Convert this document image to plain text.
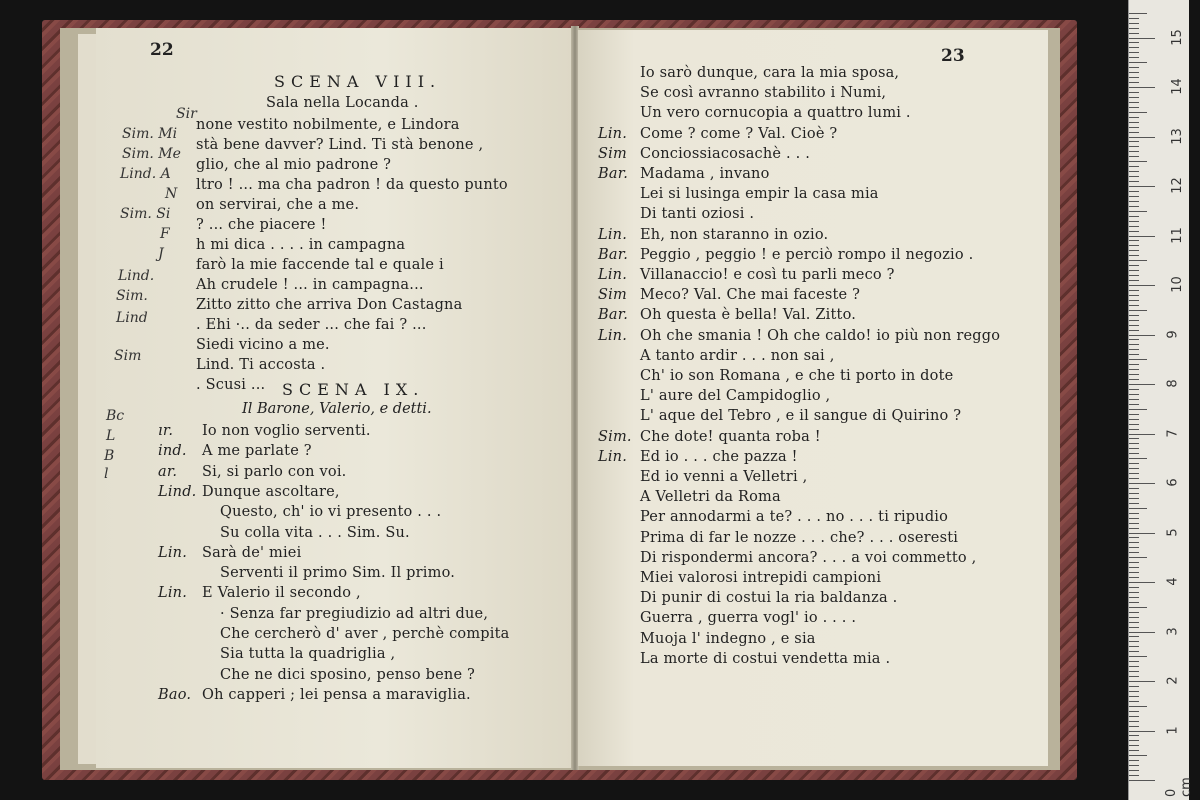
22
SCENA VIII.
Sala nella Locanda .
none vestito nobilmente, e Lindora
stà bene davver? Lind. Ti stà benone ,
glio, che al mio padrone ?
ltro ! ... ma cha padron ! da questo punto
on servirai, che a me.
? ... che piacere !
h mi dica . . . . in campagna
farò la mie faccende tal e quale i
Ah crudele ! ... in campagna...
Zitto zitto che arriva Don Castagna
. Ehi ·.. da seder ... che fai ? ...
Siedi vicino a me.
Lind. Ti accosta .
. Scusi ... SCENA IX.
Il Barone, Valerio, e detti.
ır. Io non voglio serventi.
ind. A me parlate ?
ar. Si, si parlo con voi.
Lind. Dunque ascoltare,
Questo, ch' io vi presento . . .
Su colla vita . . . Sim. Su.
Lin. Sarà de' miei
Serventi il primo Sim. Il primo.
Lin. E Valerio il secondo ,
· Senza far pregiudizio ad altri due,
Che cercherò d' aver , perchè compita
Sia tutta la quadriglia ,
Che ne dici sposino, penso bene ?
Bao. Oh capperi ; lei pensa a maraviglia.
Sir
Sim. Mi
Sim. Me
Lind. A
N
Sim. Si
F
J
Lind.
Sim.
Lind
Sim
Bc
L
B
l
23
Io sarò dunque, cara la mia sposa,
Se così avranno stabilito i Numi,
Un vero cornucopia a quattro lumi .
Lin. Come ? come ? Val. Cioè ?
Sim Conciossiacosachè . . .
Bar. Madama , invano
Lei si lusinga empir la casa mia
Di tanti oziosi .
Lin. Eh, non staranno in ozio.
Bar. Peggio , peggio ! e perciò rompo il negozio .
Lin. Villanaccio! e così tu parli meco ?
Sim Meco? Val. Che mai faceste ?
Bar. Oh questa è bella! Val. Zitto.
Lin. Oh che smania ! Oh che caldo! io più non reggo
A tanto ardir . . . non sai ,
Ch' io son Romana , e che ti porto in dote
L' aure del Campidoglio ,
L' aque del Tebro , e il sangue di Quirino ?
Sim. Che dote! quanta roba !
Lin. Ed io . . . che pazza !
Ed io venni a Velletri ,
A Velletri da Roma
Per annodarmi a te? . . . no . . . ti ripudio
Prima di far le nozze . . . che? . . . oseresti
Di rispondermi ancora? . . . a voi commetto ,
Miei valorosi intrepidi campioni
Di punir di costui la ria baldanza .
Guerra , guerra vogl' io . . . .
Muoja l' indegno , e sia
La morte di costui vendetta mia .
15
14
13
12
11
10
9
8
7
6
5
4
3
2
1
0 cm
